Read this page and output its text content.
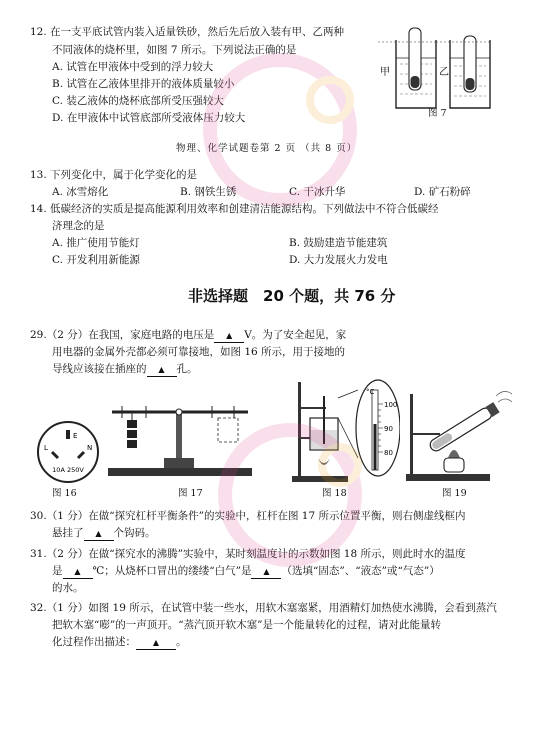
12. 在一支平底试管内装入适量铁砂，然后先后放入装有甲、乙两种
不同液体的烧杯里，如图 7 所示。下列说法正确的是
A. 试管在甲液体中受到的浮力较大
B. 试管在乙液体里排开的液体质量较小
C. 装乙液体的烧杯底部所受压强较大
D. 在甲液体中试管底部所受液体压力较大
甲	乙
图 7
物理、化学试题卷第 2 页 （共 8 页）
13. 下列变化中，属于化学变化的是
A. 冰雪熔化	B. 钢铁生锈	C. 干冰升华	D. 矿石粉碎
14. 低碳经济的实质是提高能源利用效率和创建清洁能源结构。下列做法中不符合低碳经
济理念的是
A. 推广使用节能灯	B. 鼓励建造节能建筑
C. 开发利用新能源	D. 大力发展火力发电
非选择题　20 个题，共 76 分
29.（2 分）在我国，家庭电路的电压是 ▲ V。为了安全起见，家
用电器的金属外壳都必须可靠接地，如图 16 所示，用于接地的
导线应该接在插座的 ▲ 孔。
E
L	N
10A 250V
°C
100
90
80
图 16	图 17	图 18	图 19
30.（1 分）在做“探究杠杆平衡条件”的实验中，杠杆在图 17 所示位置平衡，则右侧虚线框内
悬挂了 ▲ 个钩码。
31.（2 分）在做“探究水的沸腾”实验中，某时刻温度计的示数如图 18 所示，则此时水的温度
是 ▲ ℃；从烧杯口冒出的缕缕“白气”是 ▲ （选填“固态”、“液态”或“气态”）
的水。
32.（1 分）如图 19 所示，在试管中装一些水，用软木塞塞紧，用酒精灯加热使水沸腾，会看到蒸汽
把软木塞“嘭”的一声顶开。“蒸汽顶开软木塞”是一个能量转化的过程，请对此能量转
化过程作出描述： ▲ 。
